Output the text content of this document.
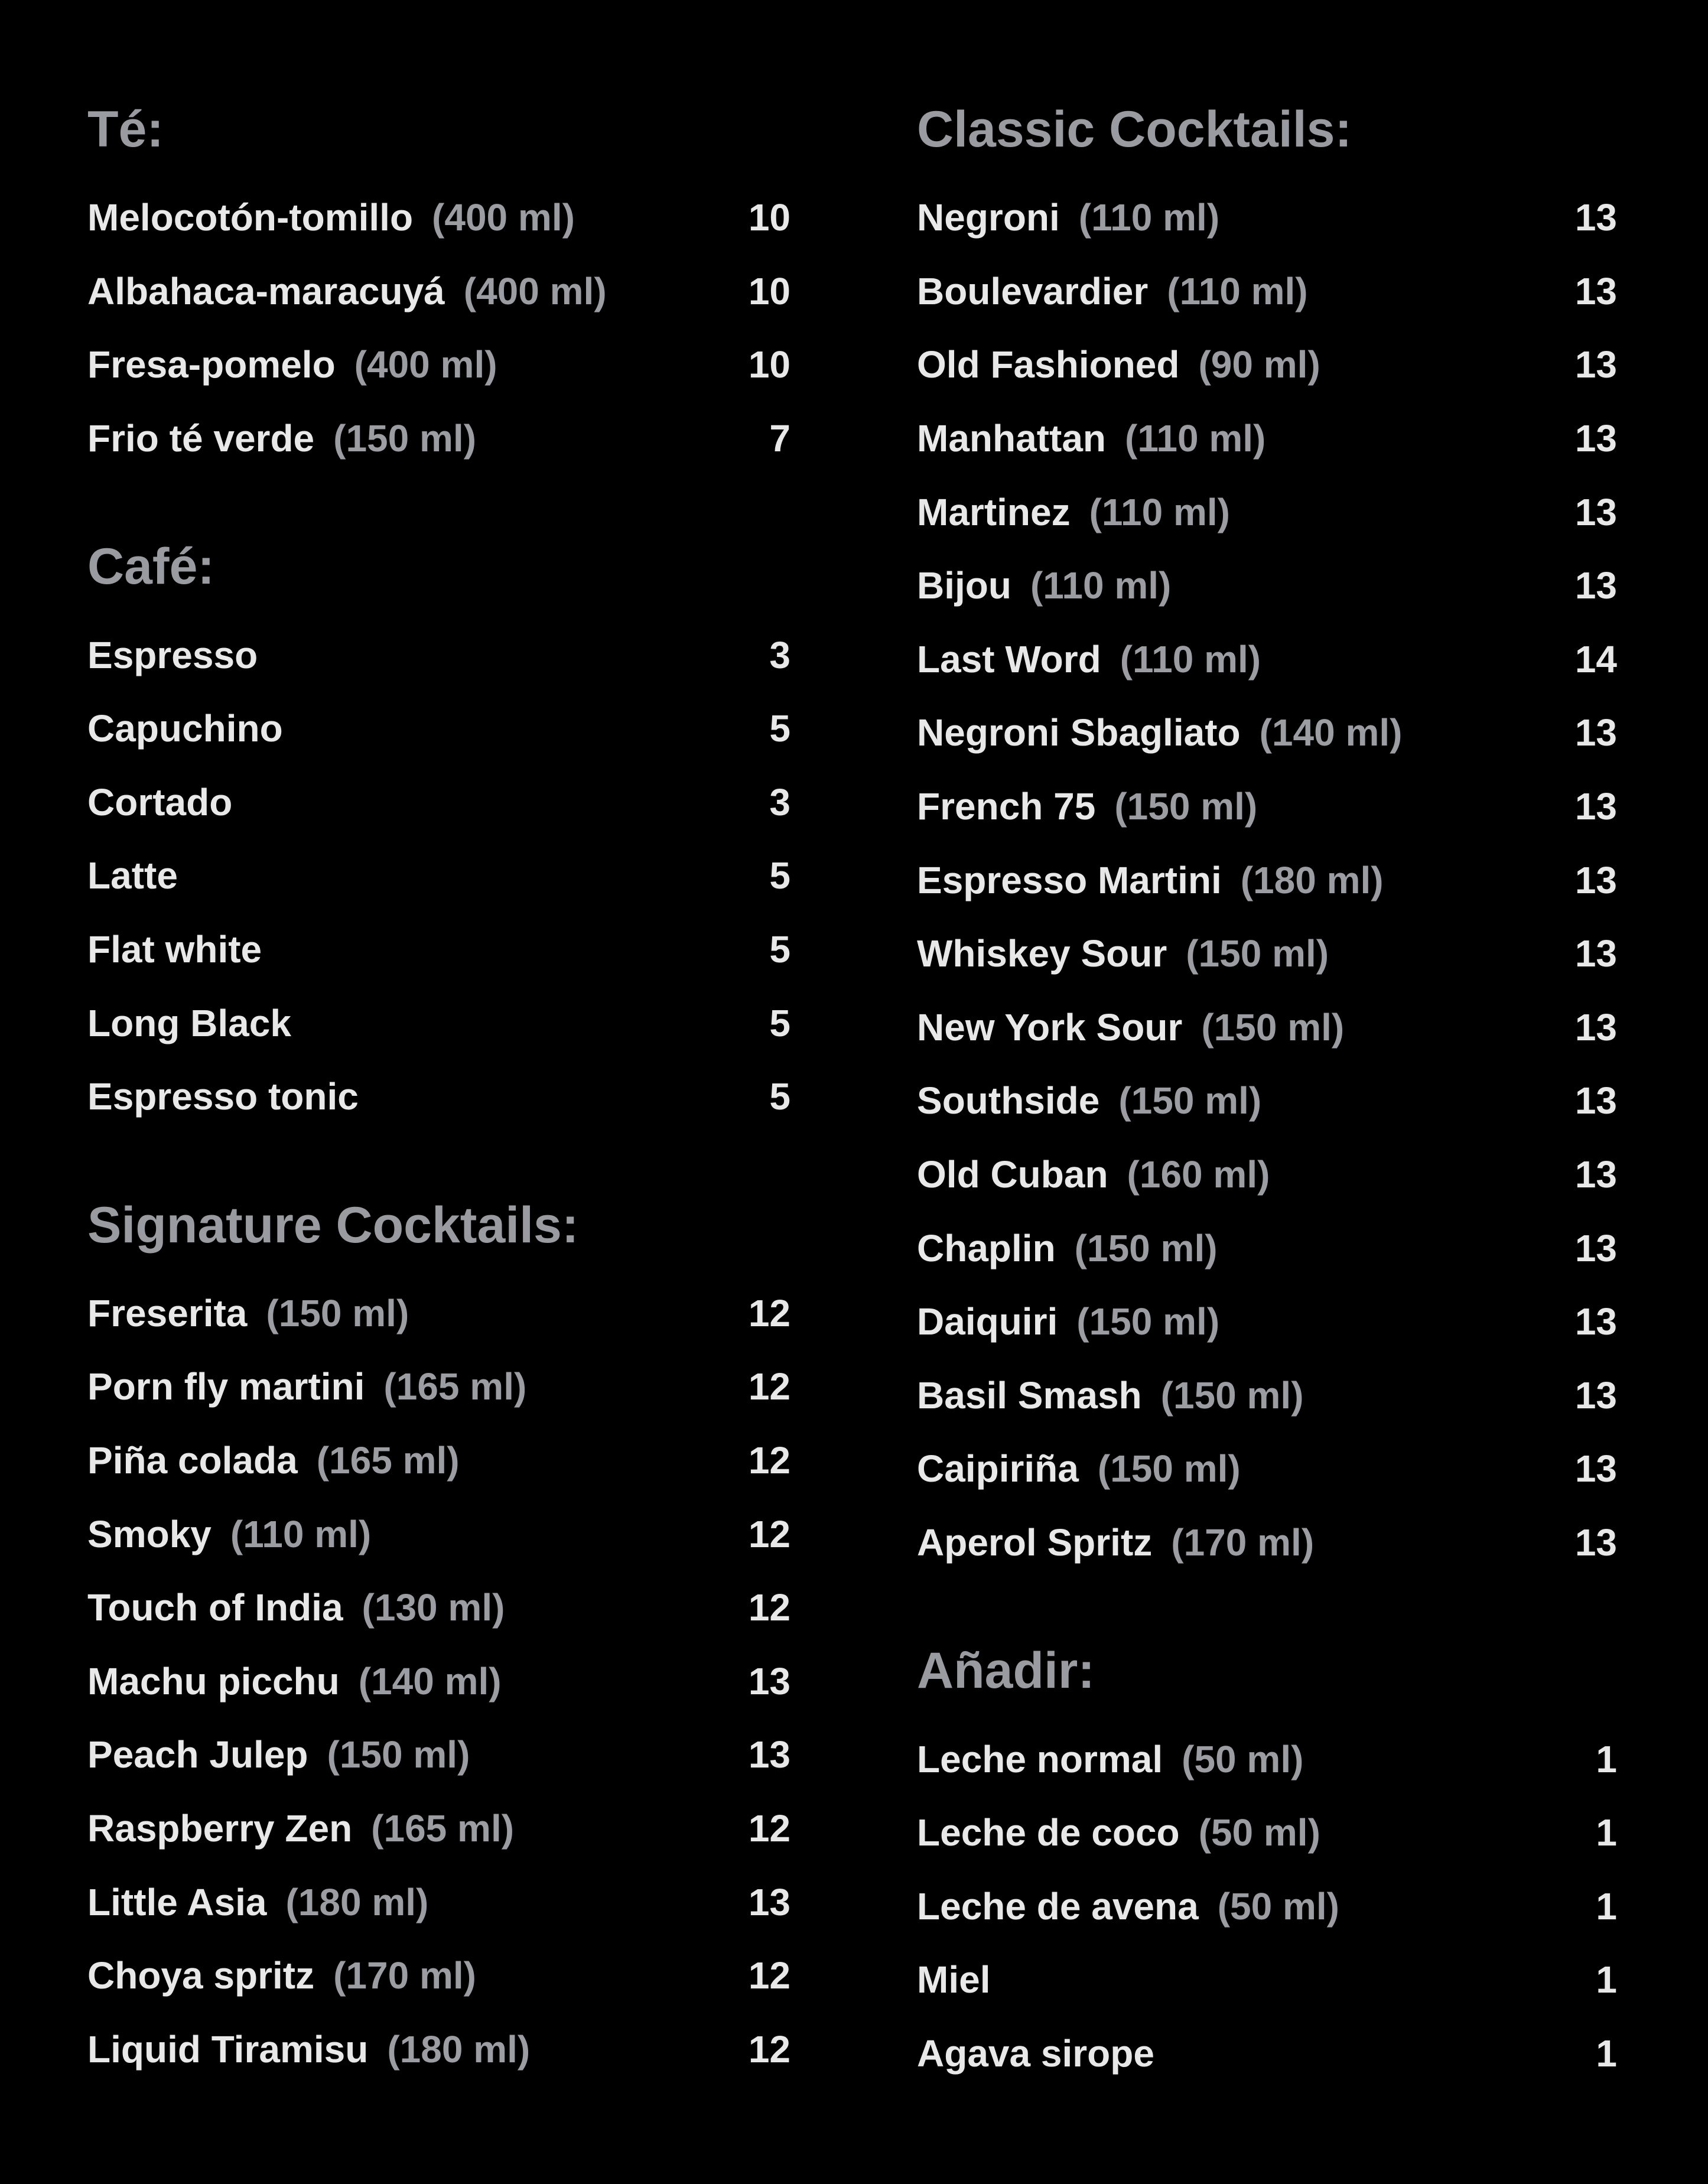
Té:
Melocotón-tomillo (400 ml)	10
Albahaca-maracuyá (400 ml)	10
Fresa-pomelo (400 ml)	10
Frio té verde (150 ml)	7
Café:
Espresso	3
Capuchino	5
Cortado	3
Latte	5
Flat white	5
Long Black	5
Espresso tonic	5
Signature Cocktails:
Freserita (150 ml)	12
Porn fly martini (165 ml)	12
Piña colada (165 ml)	12
Smoky (110 ml)	12
Touch of India (130 ml)	12
Machu picchu (140 ml)	13
Peach Julep (150 ml)	13
Raspberry Zen (165 ml)	12
Little Asia (180 ml)	13
Choya spritz (170 ml)	12
Liquid Tiramisu (180 ml)	12
Classic Cocktails:
Negroni (110 ml)	13
Boulevardier (110 ml)	13
Old Fashioned (90 ml)	13
Manhattan (110 ml)	13
Martinez (110 ml)	13
Bijou (110 ml)	13
Last Word (110 ml)	14
Negroni Sbagliato (140 ml)	13
French 75 (150 ml)	13
Espresso Martini (180 ml)	13
Whiskey Sour (150 ml)	13
New York Sour (150 ml)	13
Southside (150 ml)	13
Old Cuban (160 ml)	13
Chaplin (150 ml)	13
Daiquiri (150 ml)	13
Basil Smash (150 ml)	13
Caipiriña (150 ml)	13
Aperol Spritz (170 ml)	13
Añadir:
Leche normal (50 ml)	1
Leche de coco (50 ml)	1
Leche de avena (50 ml)	1
Miel	1
Agava sirope	1
